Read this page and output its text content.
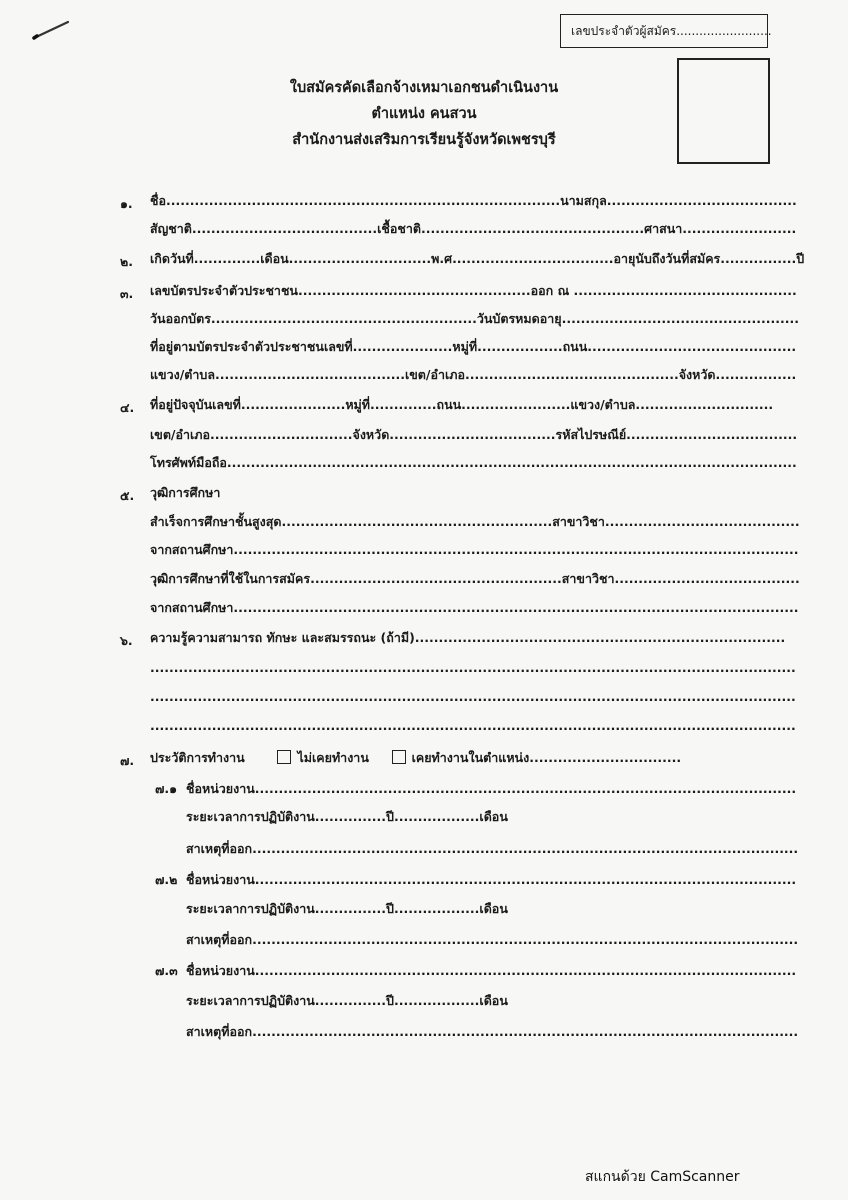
เลขประจำตัวผู้สมัคร.........................
ใบสมัครคัดเลือกจ้างเหมาเอกชนดำเนินงาน
ตำแหน่ง คนสวน
สำนักงานส่งเสริมการเรียนรู้จังหวัดเพชรบุรี
๑. ชื่อ...................................................................................นามสกุล........................................
สัญชาติ.......................................เชื้อชาติ...............................................ศาสนา........................
๒. เกิดวันที่..............เดือน..............................พ.ศ..................................อายุนับถึงวันที่สมัคร................ปี
๓. เลขบัตรประจำตัวประชาชน.................................................ออก ณ ...............................................
วันออกบัตร........................................................วันบัตรหมดอายุ..................................................
ที่อยู่ตามบัตรประจำตัวประชาชนเลขที่.....................หมู่ที่..................ถนน............................................
แขวง/ตำบล........................................เขต/อำเภอ.............................................จังหวัด.................
๔. ที่อยู่ปัจจุบันเลขที่......................หมู่ที่..............ถนน.......................แขวง/ตำบล.............................
เขต/อำเภอ..............................จังหวัด...................................รหัสไปรษณีย์....................................
โทรศัพท์มือถือ........................................................................................................................
๕. วุฒิการศึกษา
สำเร็จการศึกษาชั้นสูงสุด.........................................................สาขาวิชา.........................................
จากสถานศึกษา.......................................................................................................................
วุฒิการศึกษาที่ใช้ในการสมัคร.....................................................สาขาวิชา.......................................
จากสถานศึกษา.......................................................................................................................
๖. ความรู้ความสามารถ ทักษะ และสมรรถนะ (ถ้ามี)..............................................................................
........................................................................................................................................
........................................................................................................................................
........................................................................................................................................
๗. ประวัติการทำงาน	ไม่เคยทำงาน	เคยทำงานในตำแหน่ง................................
๗.๑ ชื่อหน่วยงาน..................................................................................................................
ระยะเวลาการปฏิบัติงาน...............ปี..................เดือน
สาเหตุที่ออก...................................................................................................................
๗.๒ ชื่อหน่วยงาน..................................................................................................................
ระยะเวลาการปฏิบัติงาน...............ปี..................เดือน
สาเหตุที่ออก...................................................................................................................
๗.๓ ชื่อหน่วยงาน..................................................................................................................
ระยะเวลาการปฏิบัติงาน...............ปี..................เดือน
สาเหตุที่ออก...................................................................................................................
สแกนด้วย CamScanner
